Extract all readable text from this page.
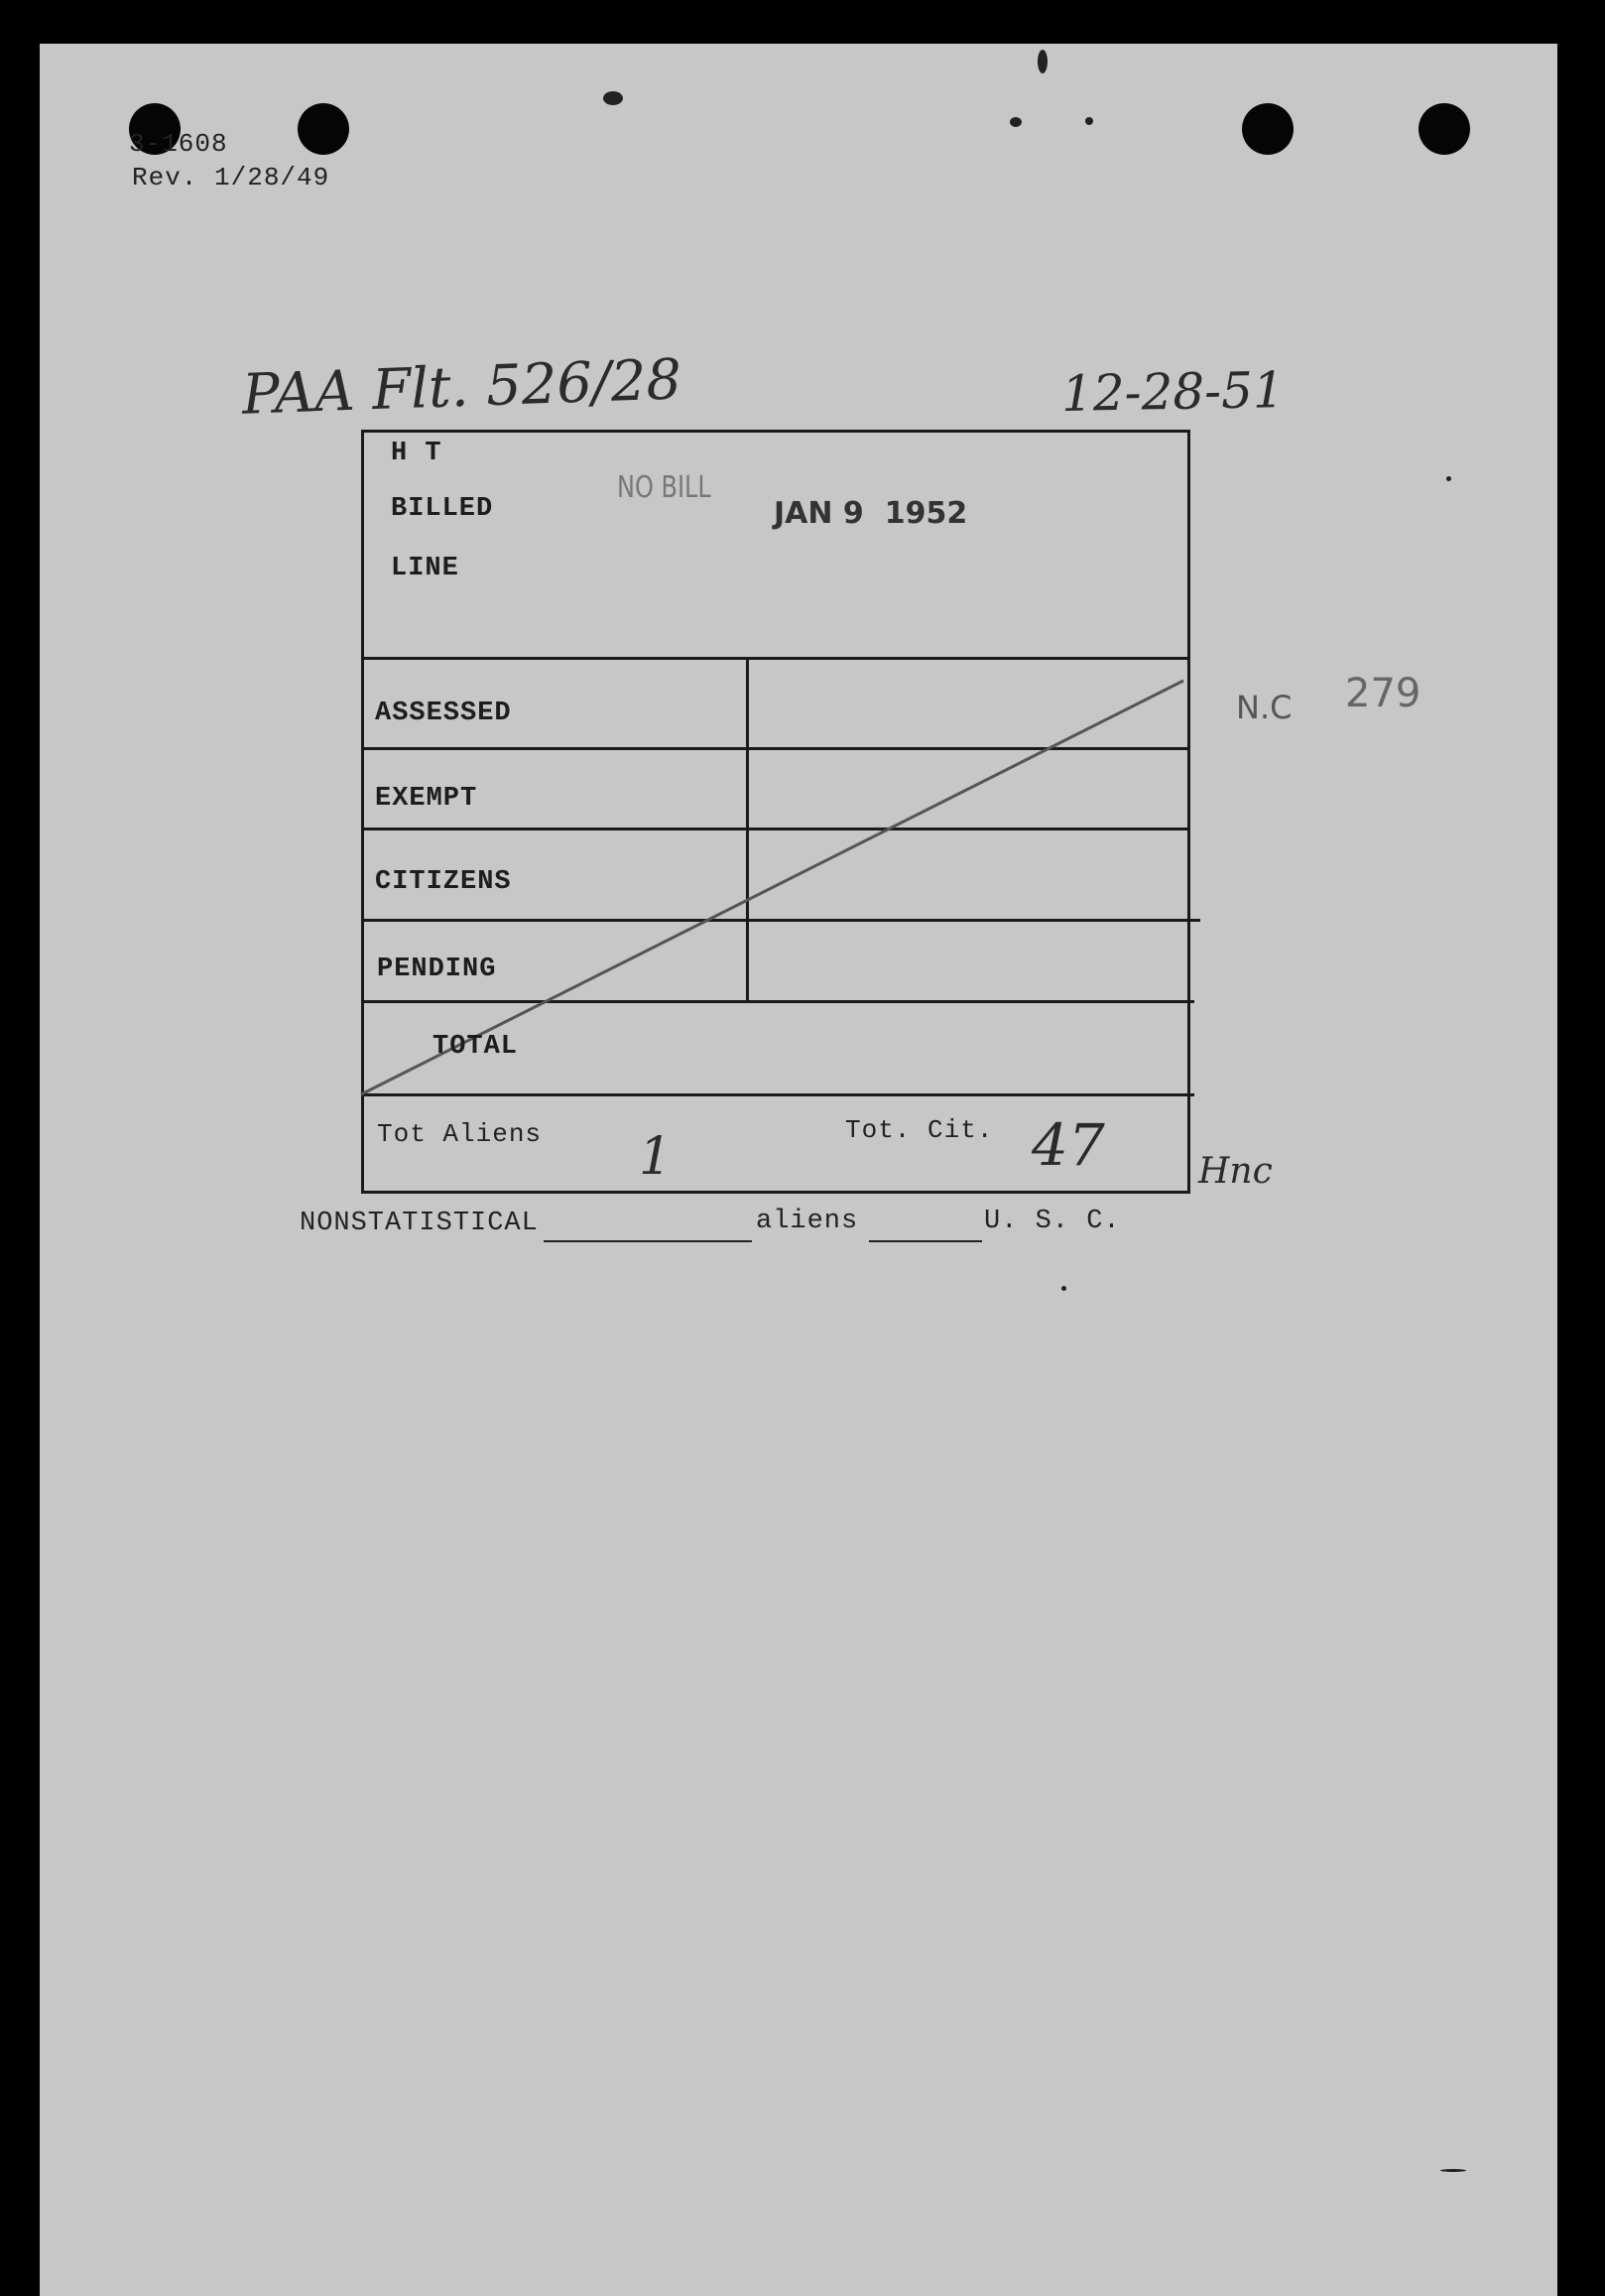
3-1608
Rev. 1/28/49
PAA Flt. 526/28	12-28-51
H T
BILLED
LINE
NO BILL
JAN 9  1952
ASSESSED
EXEMPT
CITIZENS
PENDING
TOTAL
Tot Aliens 1	Tot. Cit. 47
N.C 279
Hnc
NONSTATISTICAL	aliens	U. S. C.
